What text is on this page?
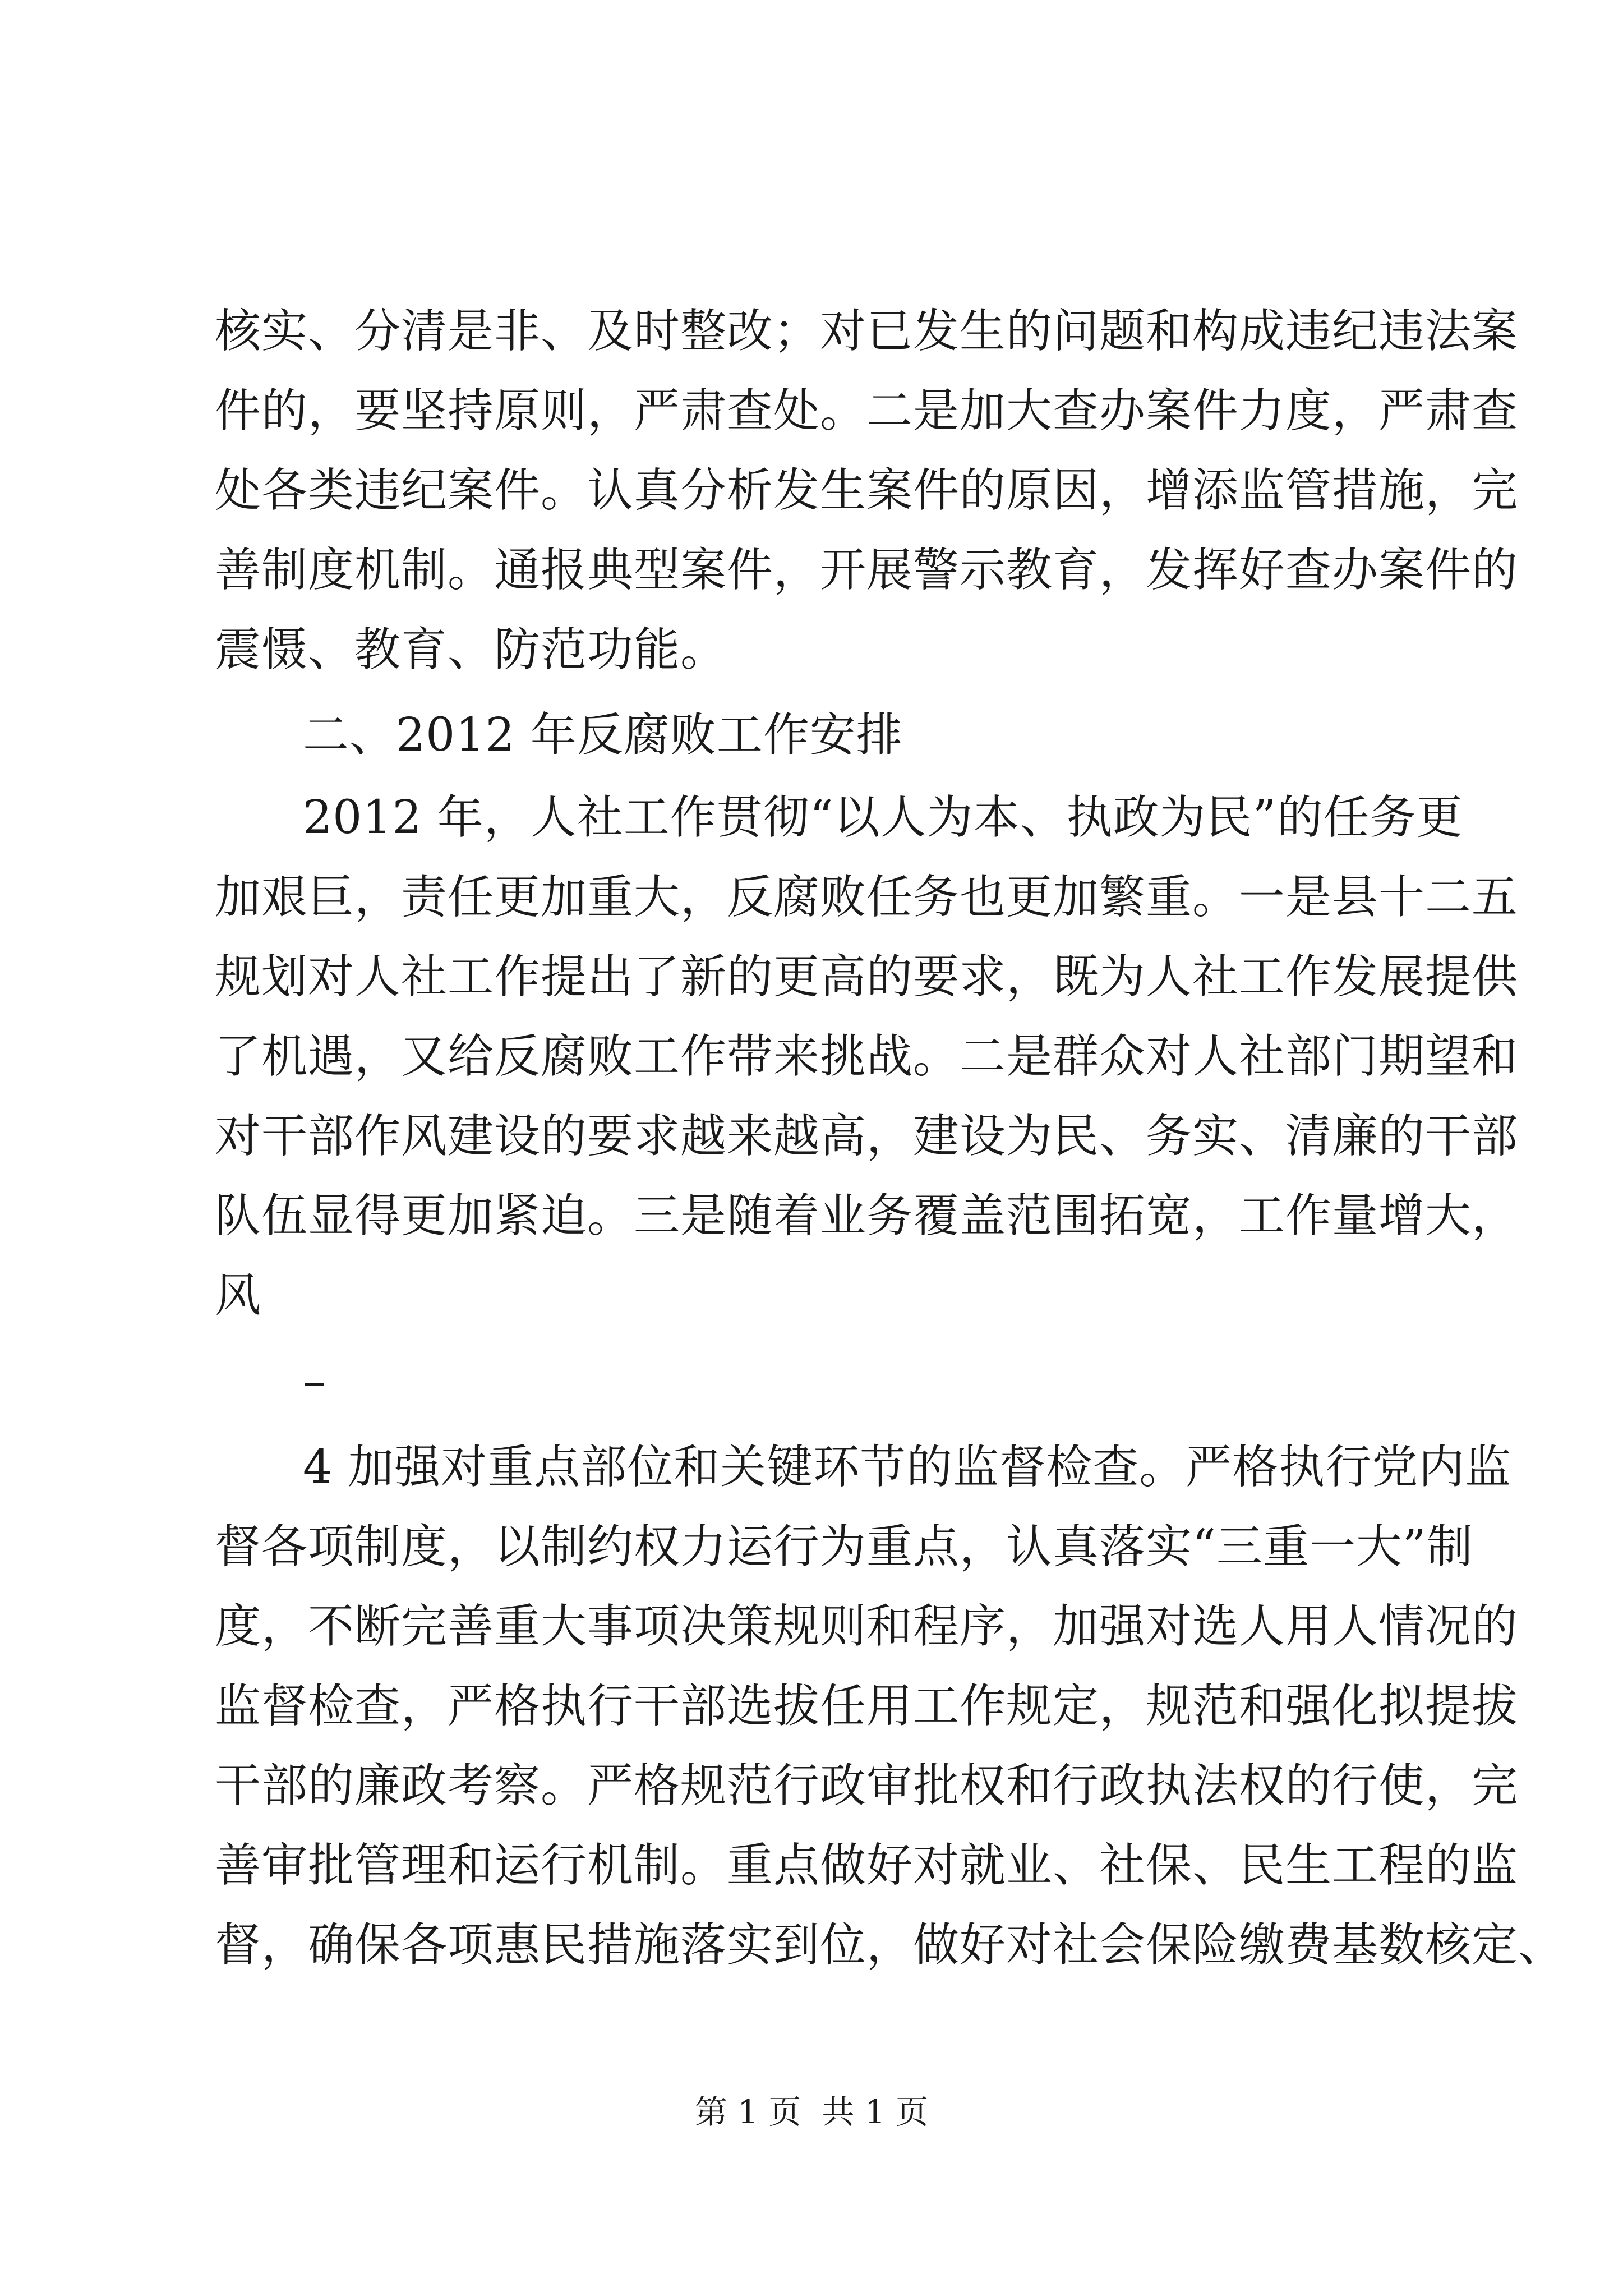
核实、分清是非、及时整改；对已发生的问题和构成违纪违法案
件的，要坚持原则，严肃查处。二是加大查办案件力度，严肃查
处各类违纪案件。认真分析发生案件的原因，增添监管措施，完
善制度机制。通报典型案件，开展警示教育，发挥好查办案件的
震慑、教育、防范功能。
二、2012 年反腐败工作安排
2012 年，人社工作贯彻“以人为本、执政为民”的任务更
加艰巨，责任更加重大，反腐败任务也更加繁重。一是县十二五
规划对人社工作提出了新的更高的要求，既为人社工作发展提供
了机遇，又给反腐败工作带来挑战。二是群众对人社部门期望和
对干部作风建设的要求越来越高，建设为民、务实、清廉的干部
队伍显得更加紧迫。三是随着业务覆盖范围拓宽，工作量增大，
风
–
4 加强对重点部位和关键环节的监督检查。严格执行党内监
督各项制度，以制约权力运行为重点，认真落实“三重一大”制
度，不断完善重大事项决策规则和程序，加强对选人用人情况的
监督检查，严格执行干部选拔任用工作规定，规范和强化拟提拔
干部的廉政考察。严格规范行政审批权和行政执法权的行使，完
善审批管理和运行机制。重点做好对就业、社保、民生工程的监
督，确保各项惠民措施落实到位，做好对社会保险缴费基数核定、
第 1 页  共 1 页
